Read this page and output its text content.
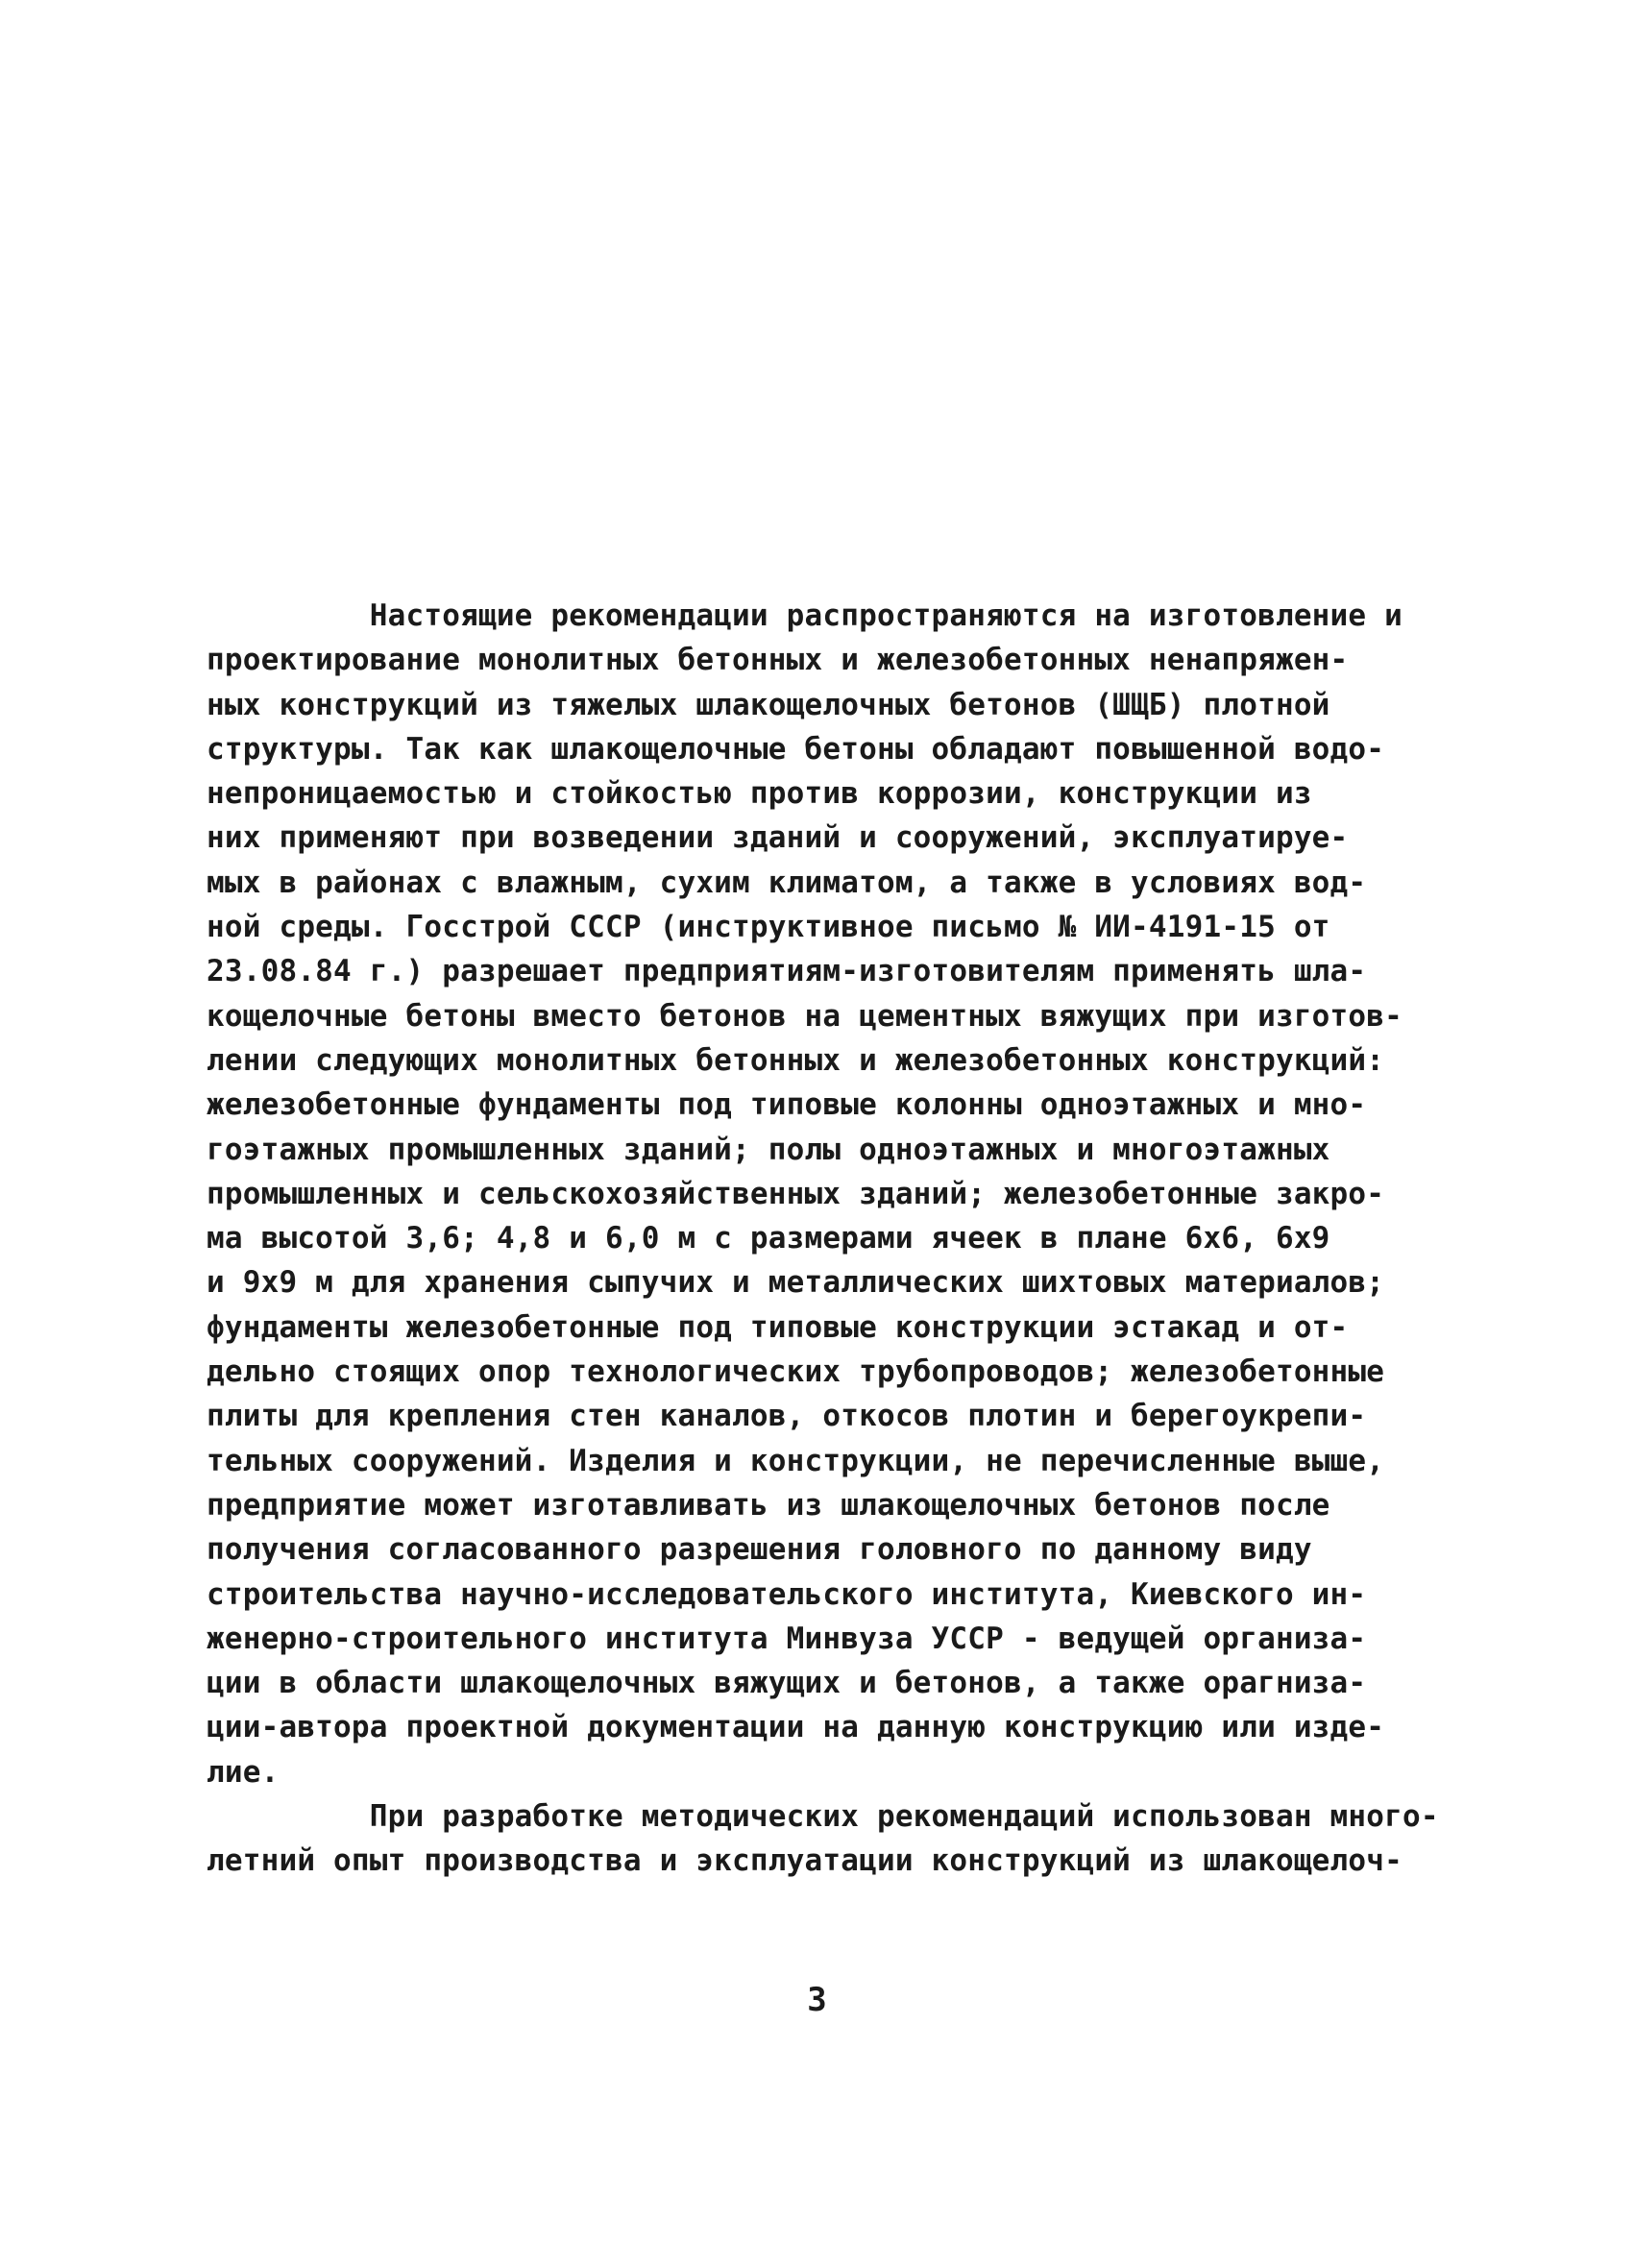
Настоящие рекомендации распространяются на изготовление и
проектирование монолитных бетонных и железобетонных ненапряжен-
ных конструкций из тяжелых шлакощелочных бетонов (ШЩБ) плотной
структуры. Так как шлакощелочные бетоны обладают повышенной водо-
непроницаемостью и стойкостью против коррозии, конструкции из
них применяют при возведении зданий и сооружений, эксплуатируе-
мых в районах с влажным, сухим климатом, а также в условиях вод-
ной среды. Госстрой СССР (инструктивное письмо № ИИ-4191-15 от
23.08.84 г.) разрешает предприятиям-изготовителям применять шла-
кощелочные бетоны вместо бетонов на цементных вяжущих при изготов-
лении следующих монолитных бетонных и железобетонных конструкций:
железобетонные фундаменты под типовые колонны одноэтажных и мно-
гоэтажных промышленных зданий; полы одноэтажных и многоэтажных
промышленных и сельскохозяйственных зданий; железобетонные закро-
ма высотой 3,6; 4,8 и 6,0 м с размерами ячеек в плане 6х6, 6х9
и 9х9 м для хранения сыпучих и металлических шихтовых материалов;
фундаменты железобетонные под типовые конструкции эстакад и от-
дельно стоящих опор технологических трубопроводов; железобетонные
плиты для крепления стен каналов, откосов плотин и берегоукрепи-
тельных сооружений. Изделия и конструкции, не перечисленные выше,
предприятие может изготавливать из шлакощелочных бетонов после
получения согласованного разрешения головного по данному виду
строительства научно-исследовательского института, Киевского ин-
женерно-строительного института Минвуза УССР - ведущей организа-
ции в области шлакощелочных вяжущих и бетонов, а также орагниза-
ции-автора проектной документации на данную конструкцию или изде-
лие.
При разработке методических рекомендаций использован много-
летний опыт производства и эксплуатации конструкций из шлакощелоч-
3
